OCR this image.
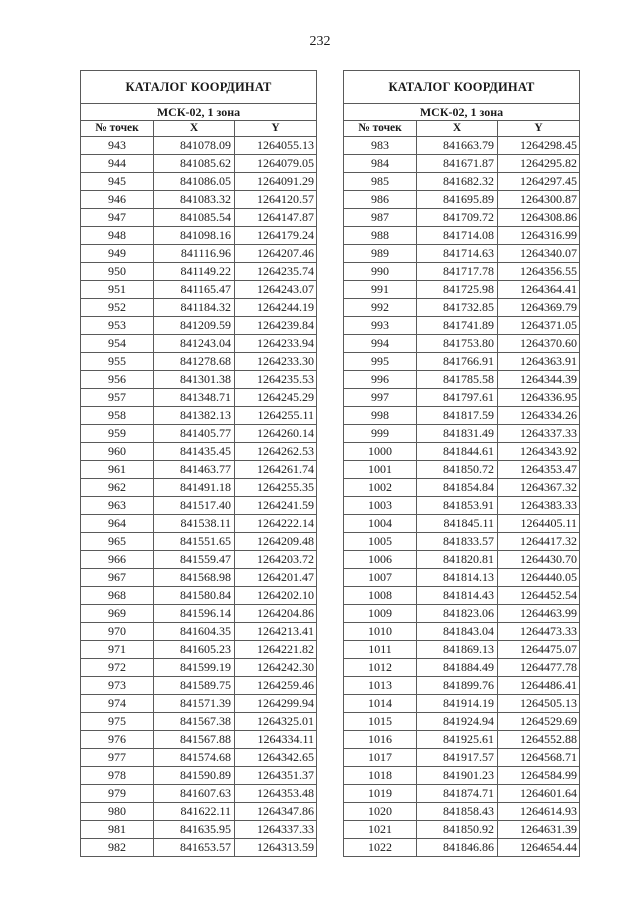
232
КАТАЛОГ КООРДИНАТ		
МСК-02, 1 зона		
№ точек	X	Y
943	841078.09	1264055.13
944	841085.62	1264079.05
945	841086.05	1264091.29
946	841083.32	1264120.57
947	841085.54	1264147.87
948	841098.16	1264179.24
949	841116.96	1264207.46
950	841149.22	1264235.74
951	841165.47	1264243.07
952	841184.32	1264244.19
953	841209.59	1264239.84
954	841243.04	1264233.94
955	841278.68	1264233.30
956	841301.38	1264235.53
957	841348.71	1264245.29
958	841382.13	1264255.11
959	841405.77	1264260.14
960	841435.45	1264262.53
961	841463.77	1264261.74
962	841491.18	1264255.35
963	841517.40	1264241.59
964	841538.11	1264222.14
965	841551.65	1264209.48
966	841559.47	1264203.72
967	841568.98	1264201.47
968	841580.84	1264202.10
969	841596.14	1264204.86
970	841604.35	1264213.41
971	841605.23	1264221.82
972	841599.19	1264242.30
973	841589.75	1264259.46
974	841571.39	1264299.94
975	841567.38	1264325.01
976	841567.88	1264334.11
977	841574.68	1264342.65
978	841590.89	1264351.37
979	841607.63	1264353.48
980	841622.11	1264347.86
981	841635.95	1264337.33
982	841653.57	1264313.59
КАТАЛОГ КООРДИНАТ		
МСК-02, 1 зона		
№ точек	X	Y
983	841663.79	1264298.45
984	841671.87	1264295.82
985	841682.32	1264297.45
986	841695.89	1264300.87
987	841709.72	1264308.86
988	841714.08	1264316.99
989	841714.63	1264340.07
990	841717.78	1264356.55
991	841725.98	1264364.41
992	841732.85	1264369.79
993	841741.89	1264371.05
994	841753.80	1264370.60
995	841766.91	1264363.91
996	841785.58	1264344.39
997	841797.61	1264336.95
998	841817.59	1264334.26
999	841831.49	1264337.33
1000	841844.61	1264343.92
1001	841850.72	1264353.47
1002	841854.84	1264367.32
1003	841853.91	1264383.33
1004	841845.11	1264405.11
1005	841833.57	1264417.32
1006	841820.81	1264430.70
1007	841814.13	1264440.05
1008	841814.43	1264452.54
1009	841823.06	1264463.99
1010	841843.04	1264473.33
1011	841869.13	1264475.07
1012	841884.49	1264477.78
1013	841899.76	1264486.41
1014	841914.19	1264505.13
1015	841924.94	1264529.69
1016	841925.61	1264552.88
1017	841917.57	1264568.71
1018	841901.23	1264584.99
1019	841874.71	1264601.64
1020	841858.43	1264614.93
1021	841850.92	1264631.39
1022	841846.86	1264654.44
